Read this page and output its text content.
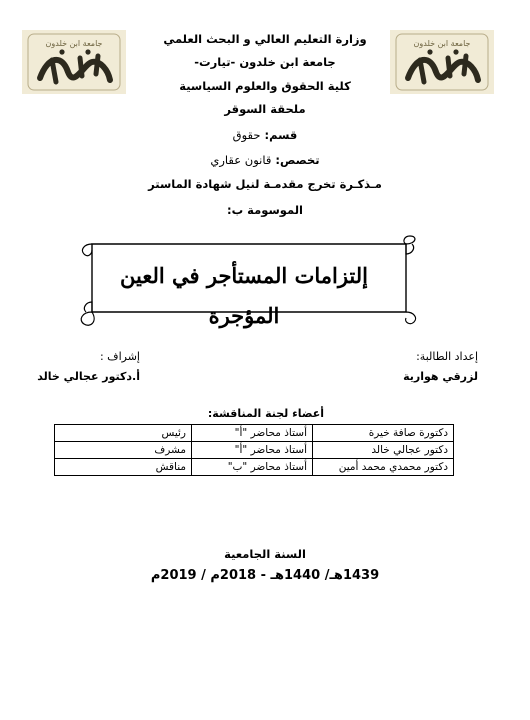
جامعة ابن خلدون	جامعة ابن خلدون
وزارة التعليم العالي و البحث العلمي
جامعة ابن خلدون -تيارت-
كلية الحقوق والعلوم السياسية
ملحقة السوقر
قسم: حقوق
تخصص: قانون عقاري
مـذكـرة تخرج مقدمـة لنيل شهادة الماستر
الموسومة ب:
إلتزامات المستأجر في العين المؤجرة
إعداد الطالبة:
لزرقي هوارية
إشراف :
أ.دكتور عجالي خالد
أعضاء لجنة المناقشة:
دكتورة صافة خيرة	أستاذ محاضر "أ"	رئيس
دكتور عجالي خالد	أستاذ محاضر "أ"	مشرف
دكتور محمدي محمد أمين	أستاذ محاضر "ب"	مناقش
السنة الجامعية
1439هـ/ 1440هـ - 2018م / 2019م
